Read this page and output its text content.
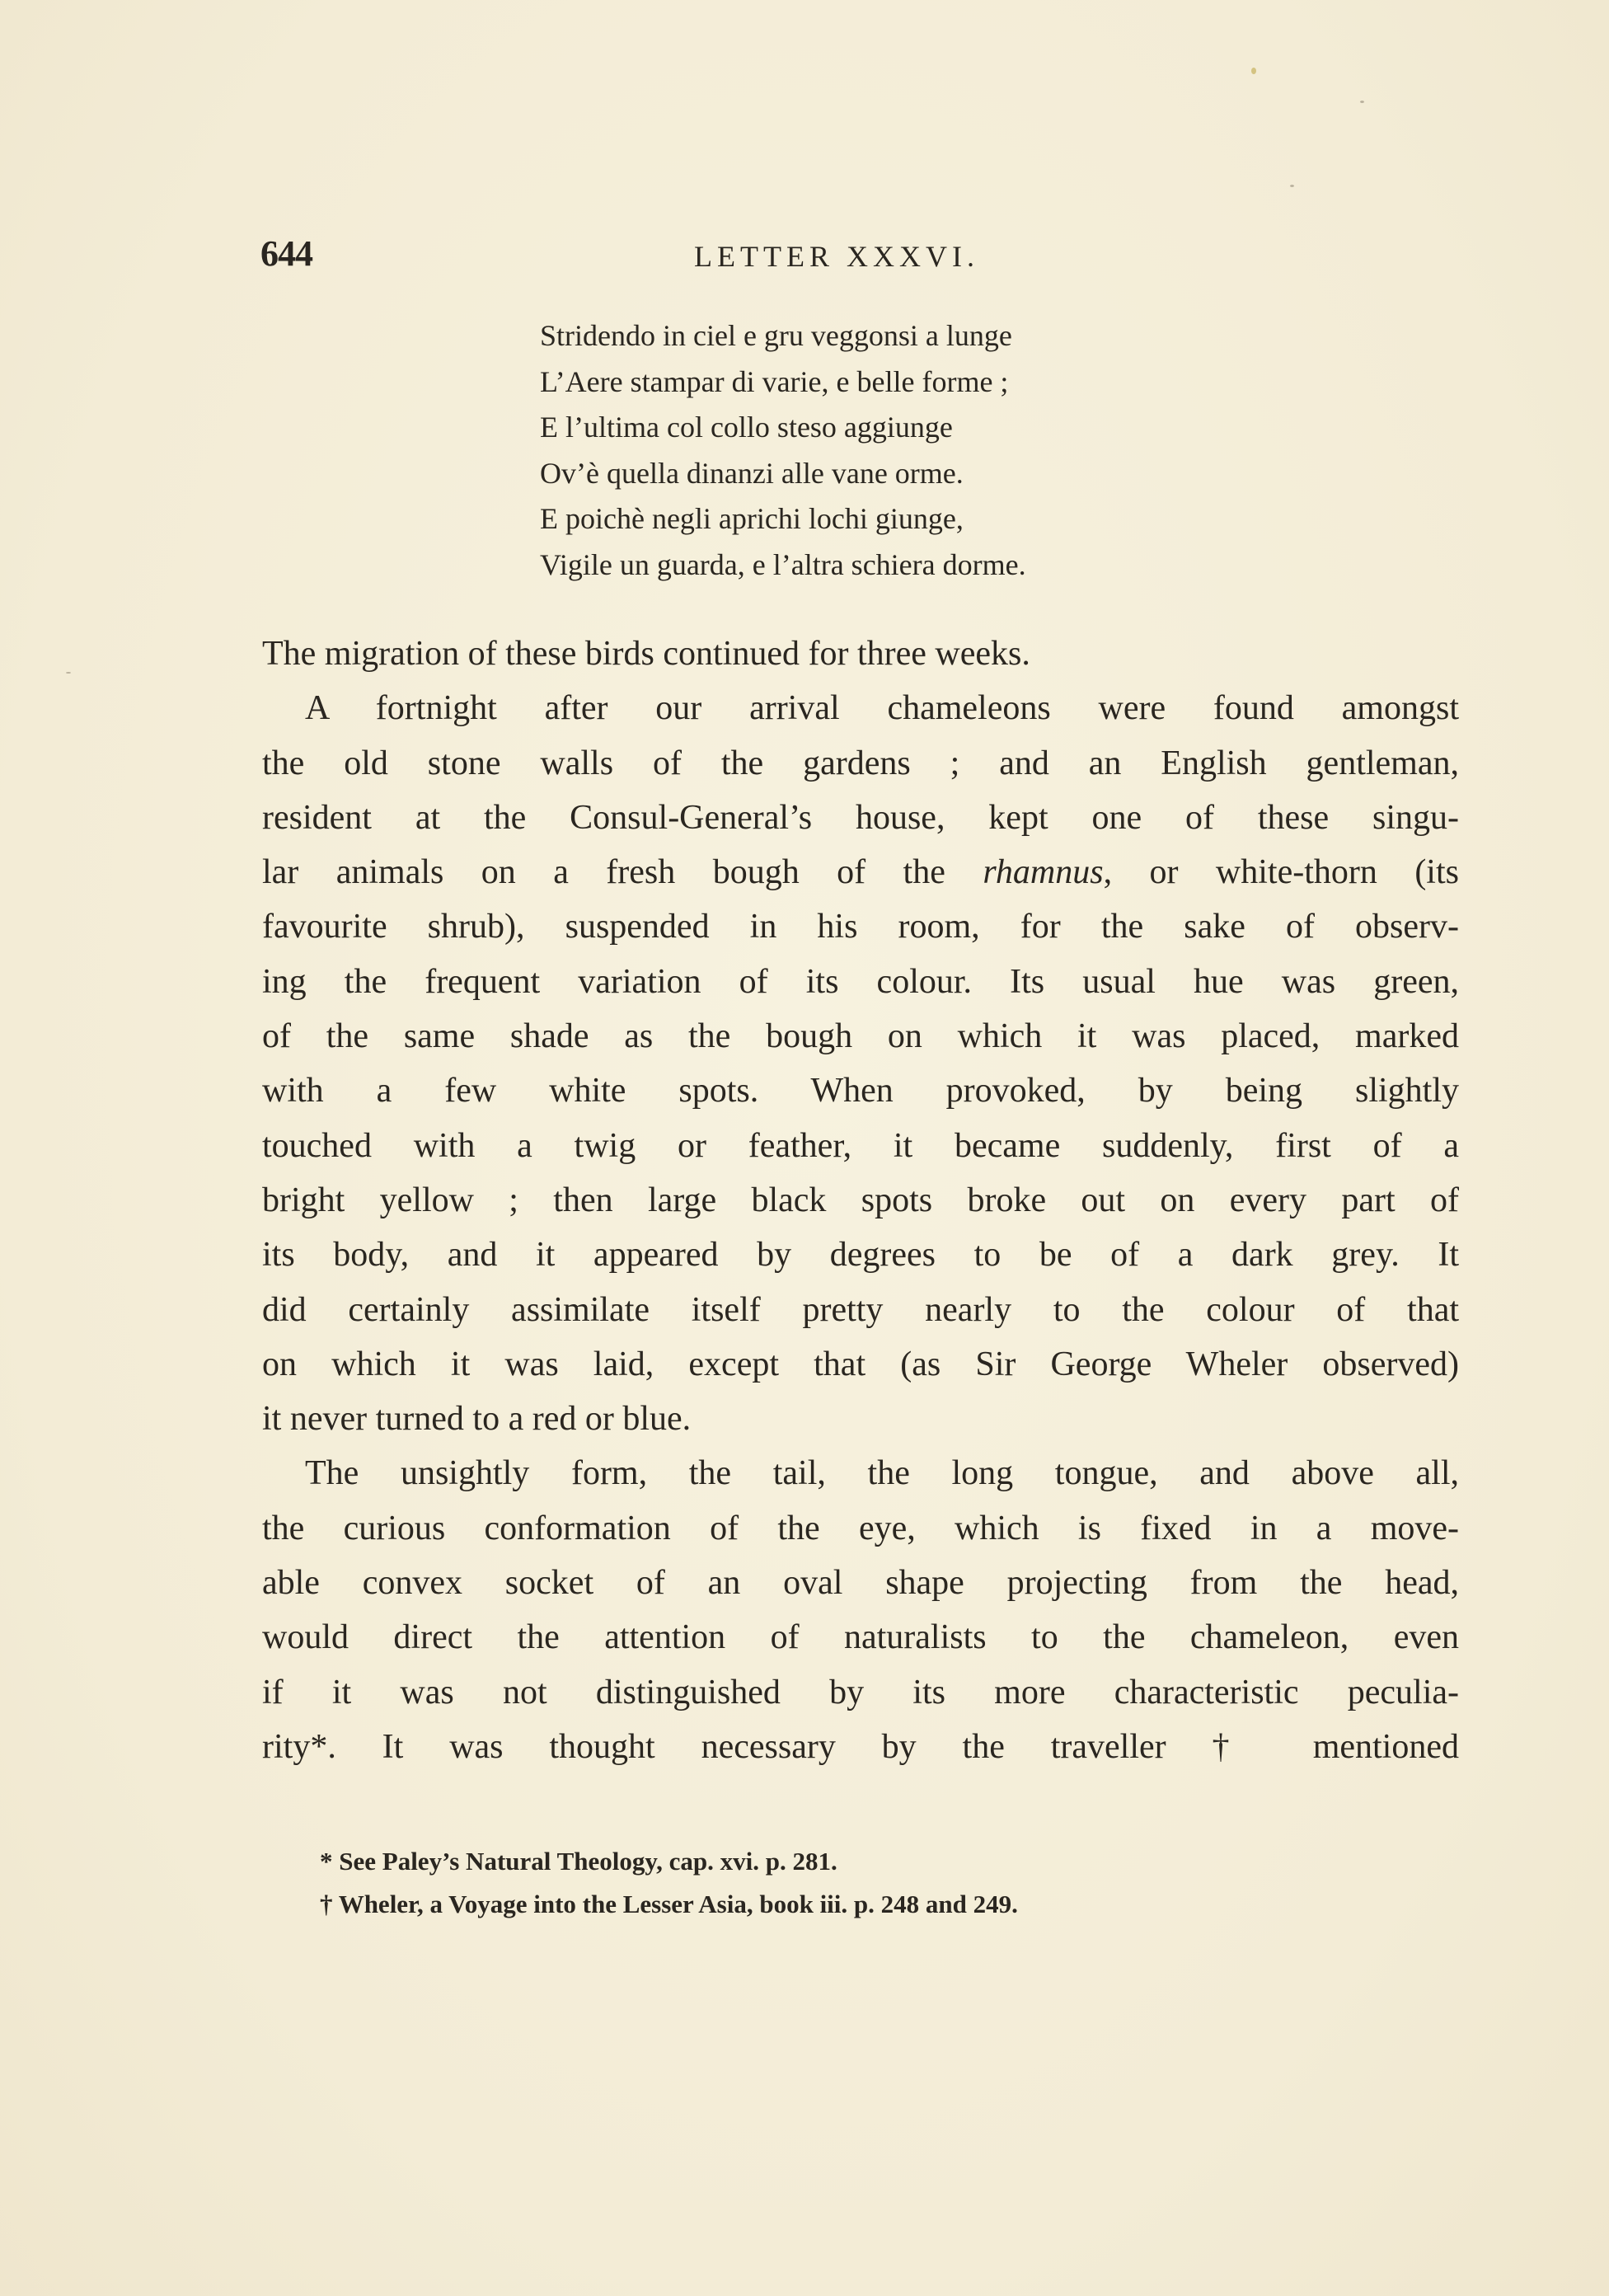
644	LETTER XXXVI.
Stridendo in ciel e gru veggonsi a lunge
L’Aere stampar di varie, e belle forme ;
E l’ultima col collo steso aggiunge
Ov’è quella dinanzi alle vane orme.
E poichè negli aprichi lochi giunge,
Vigile un guarda, e l’altra schiera dorme.
The migration of these birds continued for three weeks.
A fortnight after our arrival chameleons were found amongst
the old stone walls of the gardens ; and an English gentleman,
resident at the Consul-General’s house, kept one of these singu-
lar animals on a fresh bough of the rhamnus, or white-thorn (its
favourite shrub), suspended in his room, for the sake of observ-
ing the frequent variation of its colour. Its usual hue was green,
of the same shade as the bough on which it was placed, marked
with a few white spots. When provoked, by being slightly
touched with a twig or feather, it became suddenly, first of a
bright yellow ; then large black spots broke out on every part of
its body, and it appeared by degrees to be of a dark grey. It
did certainly assimilate itself pretty nearly to the colour of that
on which it was laid, except that (as Sir George Wheler observed)
it never turned to a red or blue.
The unsightly form, the tail, the long tongue, and above all,
the curious conformation of the eye, which is fixed in a move-
able convex socket of an oval shape projecting from the head,
would direct the attention of naturalists to the chameleon, even
if it was not distinguished by its more characteristic peculia-
rity*. It was thought necessary by the traveller † mentioned
* See Paley’s Natural Theology, cap. xvi. p. 281.
† Wheler, a Voyage into the Lesser Asia, book iii. p. 248 and 249.
